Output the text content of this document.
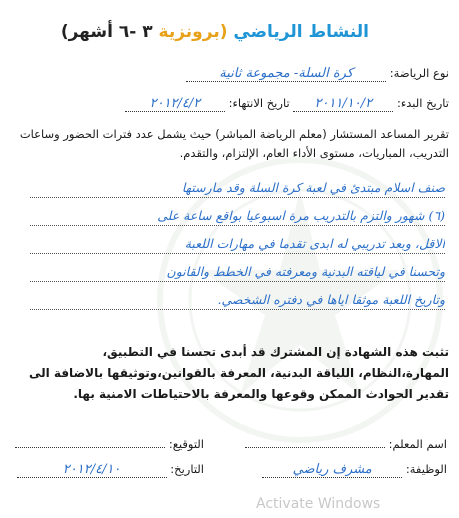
النشاط الرياضي (برونزية ٣ -٦ أشهر)
نوع الرياضة: كرة السلة- مجموعة ثانية
تاريخ البدء: ٢٠١١/١٠/٢ تاريخ الانتهاء: ٢٠١٢/٤/٢
تقرير المساعد المستشار (معلم الرياضة المباشر) حيث يشمل عدد فترات الحضور وساعات التدريب، المباريات، مستوى الأداء العام، الإلتزام، والتقدم.
صنف اسلام مبتدئ في لعبة كرة السلة وقد مارستها
(٦) شهور والتزم بالتدريب مرة اسبوعيا بواقع ساعة على
الاقل، وبعد تدريبي له ابدى تقدما في مهارات اللعبة
وتحسنا في لياقته البدنية ومعرفته في الخطط والقانون
وتاريخ اللعبة موثقا اياها في دفتره الشخصي.
تثبت هذه الشهادة إن المشترك قد أبدى تحسنا في التطبيق، المهارة،النظام، اللياقة البدنية، المعرفة بالقوانين،وتوثيقها بالاضافة الى تقدير الحوادث الممكن وقوعها والمعرفة بالاحتياطات الامنية بها.
اسم المعلم:
التوقيع:
الوظيفة: مشرف رياضي
التاريخ: ٢٠١٢/٤/١٠
Activate Windows
